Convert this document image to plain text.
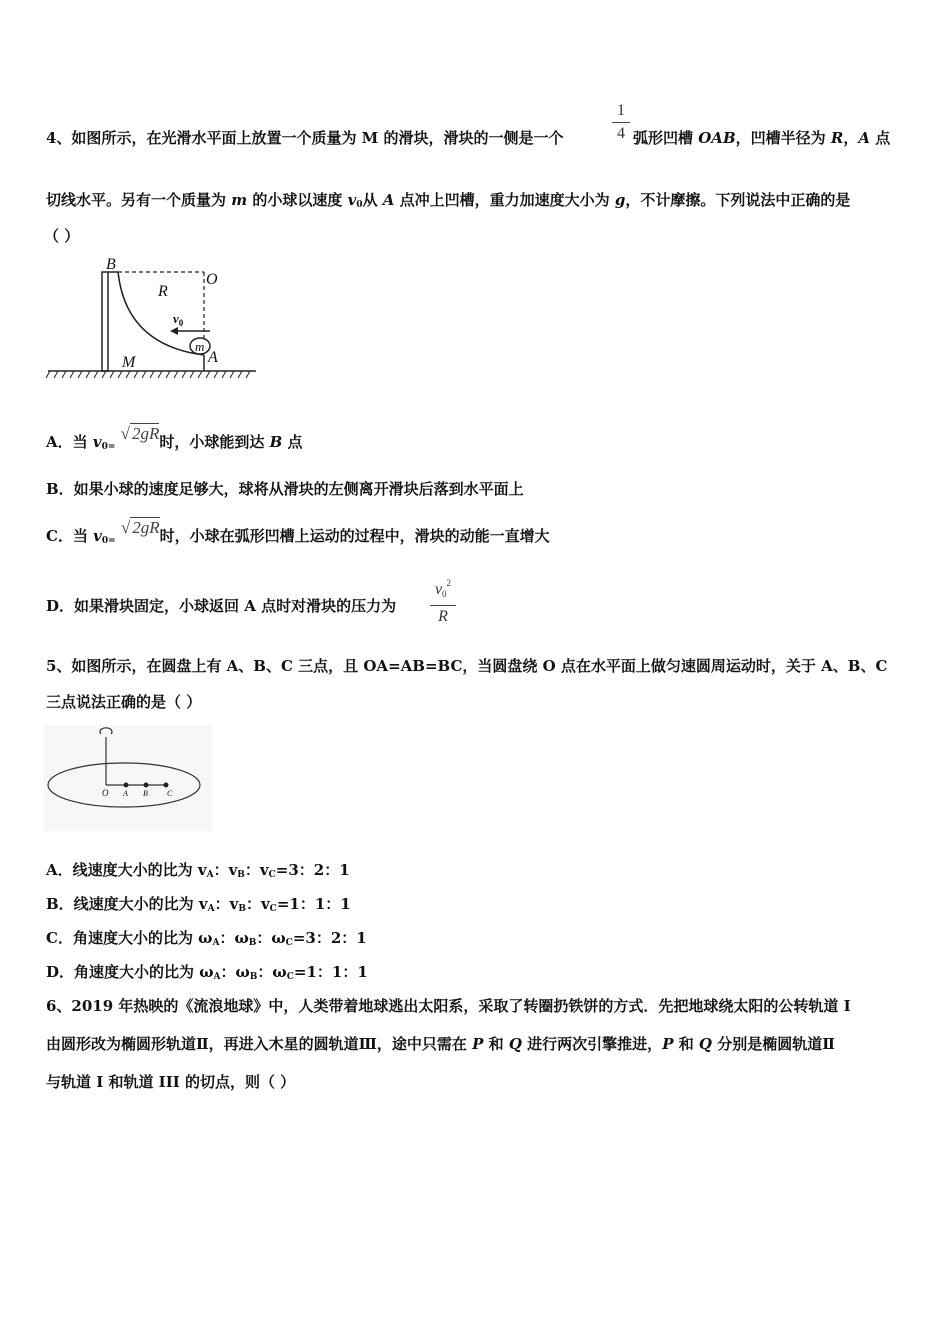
4、如图所示，在光滑水平面上放置一个质量为 M 的滑块，滑块的一侧是一个	$\frac{1}{4}$ 弧形凹槽 OAB，凹槽半径为 R，A 点
切线水平。另有一个质量为 m 的小球以速度 $v_0$从 A 点冲上凹槽，重力加速度大小为 g，不计摩擦。下列说法中正确的是
（ ）
m
$v_0$
B
O
R
A
M
A．当 $v_{0=}$ √ 2gR时，小球能到达 B 点
B．如果小球的速度足够大，球将从滑块的左侧离开滑块后落到水平面上
C．当 $v_{0=}$ √ 2gR时，小球在弧形凹槽上运动的过程中，滑块的动能一直增大
D．如果滑块固定，小球返回 A 点时对滑块的压力为 $\frac{v0^2}{R}$
5、如图所示，在圆盘上有 A、B、C 三点，且 OA=AB=BC，当圆盘绕 O 点在水平面上做匀速圆周运动时，关于 A、B、C
三点说法正确的是（ ）
O A B C
A．线速度大小的比为 $v_A$：$v_B$：$v_C=3$：2：1
B．线速度大小的比为 $v_A$：$v_B$：$v_C=1$：1：1
C．角速度大小的比为 $\omega_A$：$\omega_B$：$\omega_C=3$：2：1
D．角速度大小的比为 $\omega_A$：$\omega_B$：$\omega_C=1$：1：1
6、2019 年热映的《流浪地球》中，人类带着地球逃出太阳系，采取了转圈扔铁饼的方式．先把地球绕太阳的公转轨道 I
由圆形改为椭圆形轨道Ⅱ，再进入木星的圆轨道Ⅲ，途中只需在 P 和 Q 进行两次引擎推进，P 和 Q 分别是椭圆轨道Ⅱ
与轨道 I 和轨道 III 的切点，则（ ）
